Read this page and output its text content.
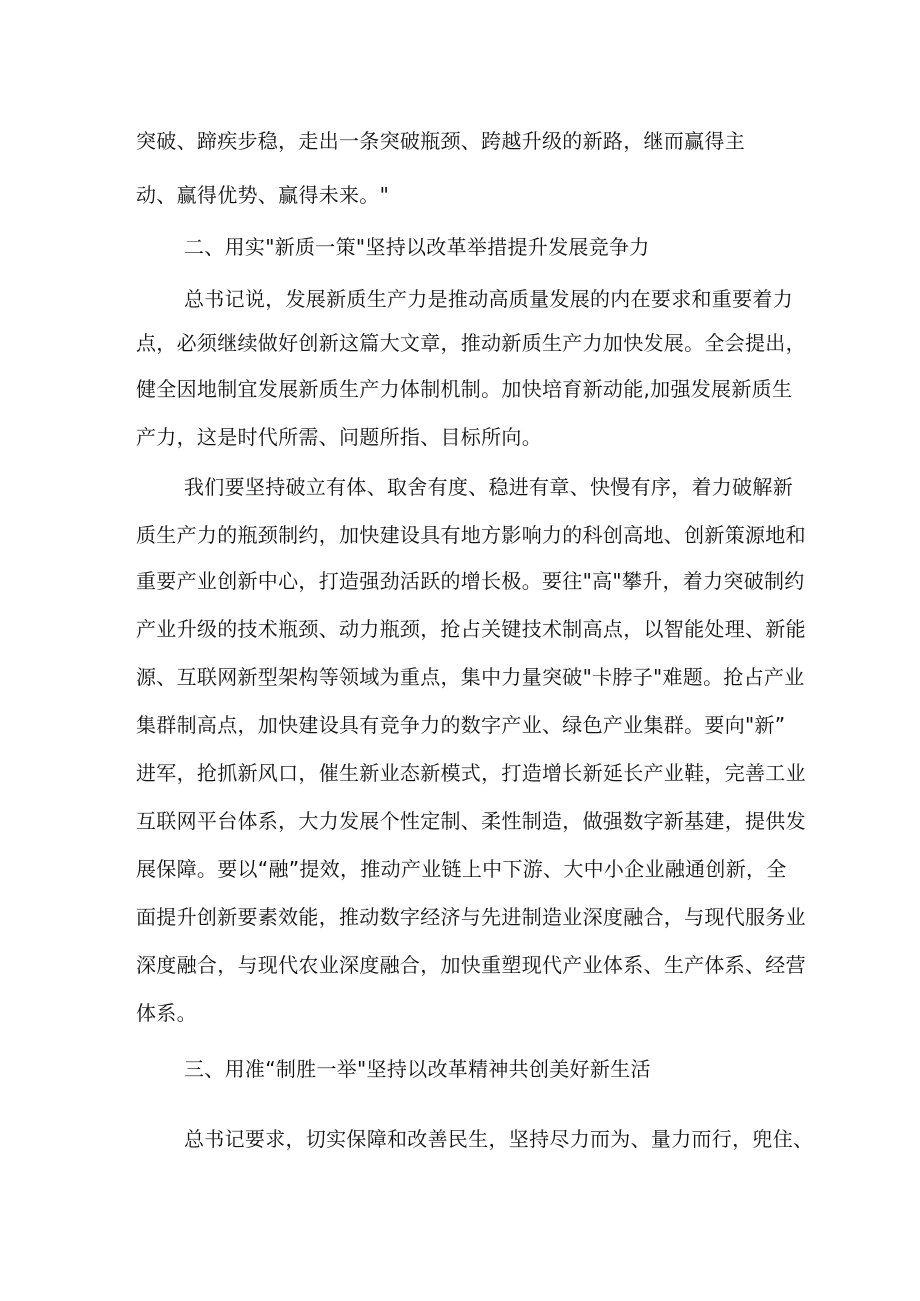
突破、蹄疾步稳，走出一条突破瓶颈、跨越升级的新路，继而赢得主
动、赢得优势、赢得未来。"
二、用实"新质一策"坚持以改革举措提升发展竞争力
总书记说，发展新质生产力是推动高质量发展的内在要求和重要着力
点，必须继续做好创新这篇大文章，推动新质生产力加快发展。全会提出，
健全因地制宜发展新质生产力体制机制。加快培育新动能,加强发展新质生
产力，这是时代所需、问题所指、目标所向。
我们要坚持破立有体、取舍有度、稳进有章、快慢有序，着力破解新
质生产力的瓶颈制约，加快建设具有地方影响力的科创高地、创新策源地和
重要产业创新中心，打造强劲活跃的增长极。要往"高"攀升，着力突破制约
产业升级的技术瓶颈、动力瓶颈，抢占关键技术制高点，以智能处理、新能
源、互联网新型架构等领域为重点，集中力量突破"卡脖子"难题。抢占产业
集群制高点，加快建设具有竞争力的数字产业、绿色产业集群。要向"新”
进军，抢抓新风口，催生新业态新模式，打造增长新延长产业鞋，完善工业
互联网平台体系，大力发展个性定制、柔性制造，做强数字新基建，提供发
展保障。要以“融”提效，推动产业链上中下游、大中小企业融通创新，全
面提升创新要素效能，推动数字经济与先进制造业深度融合，与现代服务业
深度融合，与现代农业深度融合，加快重塑现代产业体系、生产体系、经营
体系。
三、用准“制胜一举"坚持以改革精神共创美好新生活
总书记要求，切实保障和改善民生，坚持尽力而为、量力而行，兜住、
